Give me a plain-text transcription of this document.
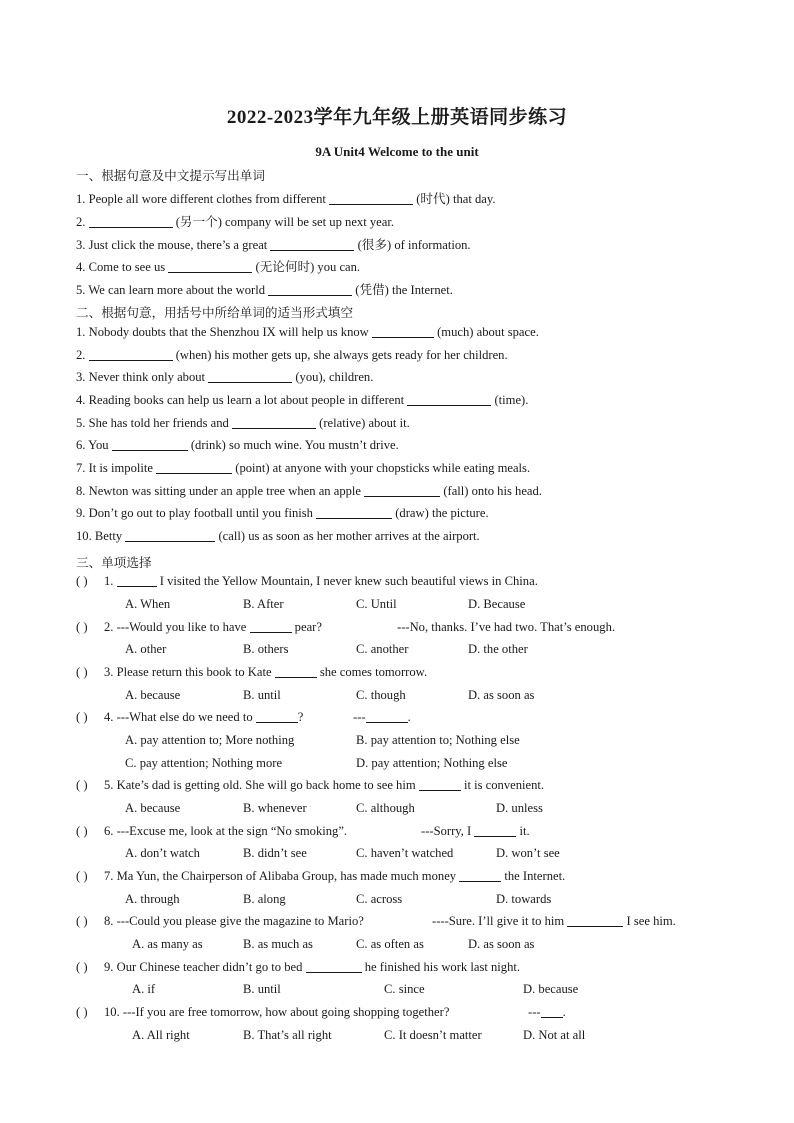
2022-2023学年九年级上册英语同步练习
9A Unit4 Welcome to the unit
一、根据句意及中文提示写出单词
1. People all wore different clothes from different	(时代) that day.
2.	(另一个) company will be set up next year.
3. Just click the mouse, there’s a great	(很多) of information.
4. Come to see us	(无论何时) you can.
5. We can learn more about the world	(凭借) the Internet.
二、根据句意，用括号中所给单词的适当形式填空
1. Nobody doubts that the Shenzhou IX will help us know	(much) about space.
2.	(when) his mother gets up, she always gets ready for her children.
3. Never think only about	(you), children.
4. Reading books can help us learn a lot about people in different	(time).
5. She has told her friends and	(relative) about it.
6. You	(drink) so much wine. You mustn’t drive.
7. It is impolite	(point) at anyone with your chopsticks while eating meals.
8. Newton was sitting under an apple tree when an apple	(fall) onto his head.
9. Don’t go out to play football until you finish	(draw) the picture.
10. Betty	(call) us as soon as her mother arrives at the airport.
三、单项选择
( ) 1.	I visited the Yellow Mountain, I never knew such beautiful views in China.
A. When	B. After	C. Until	D. Because
( ) 2. ---Would you like to have	pear?	---No, thanks. I’ve had two. That’s enough.
A. other	B. others	C. another	D. the other
( ) 3. Please return this book to Kate	she comes tomorrow.
A. because	B. until	C. though	D. as soon as
( ) 4. ---What else do we need to	?	---	.
A. pay attention to; More nothing	B. pay attention to; Nothing else
C. pay attention; Nothing more	D. pay attention; Nothing else
( ) 5. Kate’s dad is getting old. She will go back home to see him	it is convenient.
A. because	B. whenever	C. although	D. unless
( ) 6. ---Excuse me, look at the sign “No smoking”.	---Sorry, I	it.
A. don’t watch	B. didn’t see	C. haven’t watched	D. won’t see
( ) 7. Ma Yun, the Chairperson of Alibaba Group, has made much money	the Internet.
A. through	B. along	C. across	D. towards
( ) 8. ---Could you please give the magazine to Mario?	----Sure. I’ll give it to him	I see him.
A. as many as	B. as much as	C. as often as	D. as soon as
( ) 9. Our Chinese teacher didn’t go to bed	he finished his work last night.
A. if	B. until	C. since	D. because
( ) 10. ---If you are free tomorrow, how about going shopping together?	--- .
A. All right	B. That’s all right	C. It doesn’t matter	D. Not at all
